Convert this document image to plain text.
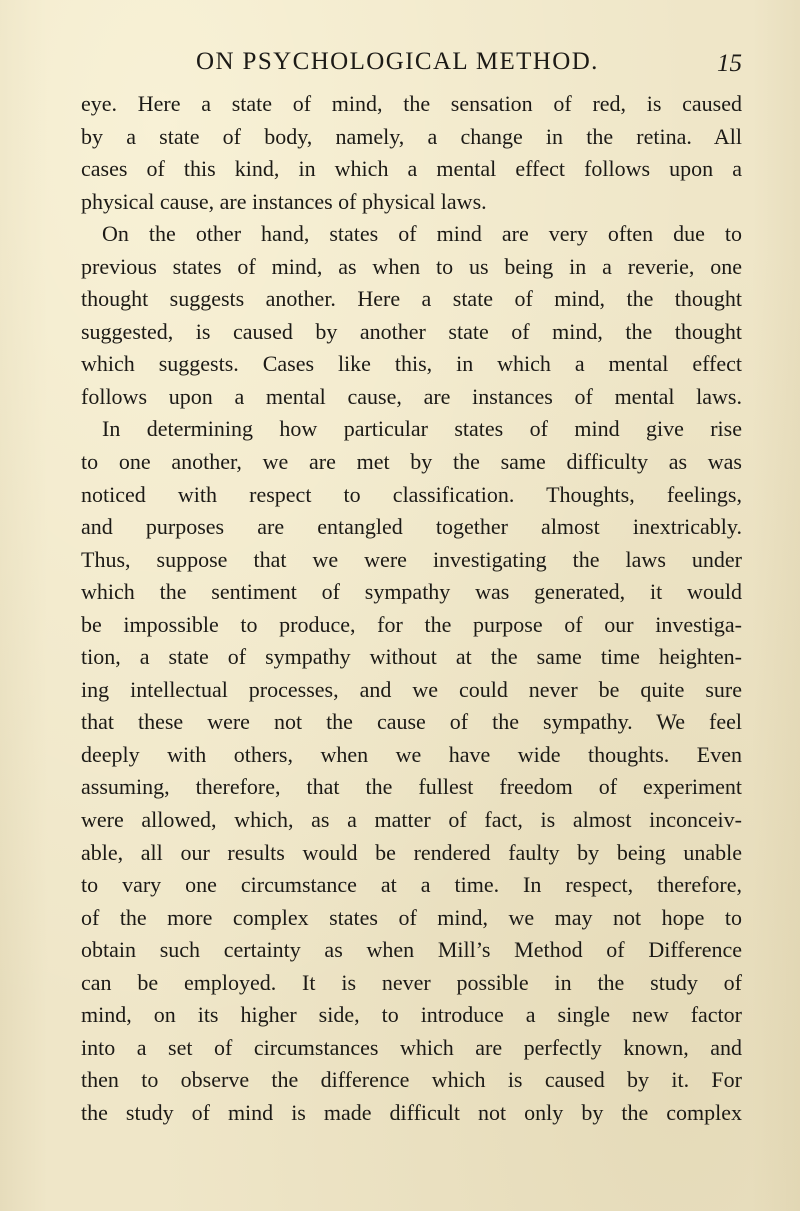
ON PSYCHOLOGICAL METHOD.	15
eye. Here a state of mind, the sensation of red, is caused
by a state of body, namely, a change in the retina. All
cases of this kind, in which a mental effect follows upon a
physical cause, are instances of physical laws.
On the other hand, states of mind are very often due to
previous states of mind, as when to us being in a reverie, one
thought suggests another. Here a state of mind, the thought
suggested, is caused by another state of mind, the thought
which suggests. Cases like this, in which a mental effect
follows upon a mental cause, are instances of mental laws.
In determining how particular states of mind give rise
to one another, we are met by the same difficulty as was
noticed with respect to classification. Thoughts, feelings,
and purposes are entangled together almost inextricably.
Thus, suppose that we were investigating the laws under
which the sentiment of sympathy was generated, it would
be impossible to produce, for the purpose of our investiga-
tion, a state of sympathy without at the same time heighten-
ing intellectual processes, and we could never be quite sure
that these were not the cause of the sympathy. We feel
deeply with others, when we have wide thoughts. Even
assuming, therefore, that the fullest freedom of experiment
were allowed, which, as a matter of fact, is almost inconceiv-
able, all our results would be rendered faulty by being unable
to vary one circumstance at a time. In respect, therefore,
of the more complex states of mind, we may not hope to
obtain such certainty as when Mill’s Method of Difference
can be employed. It is never possible in the study of
mind, on its higher side, to introduce a single new factor
into a set of circumstances which are perfectly known, and
then to observe the difference which is caused by it. For
the study of mind is made difficult not only by the complex
